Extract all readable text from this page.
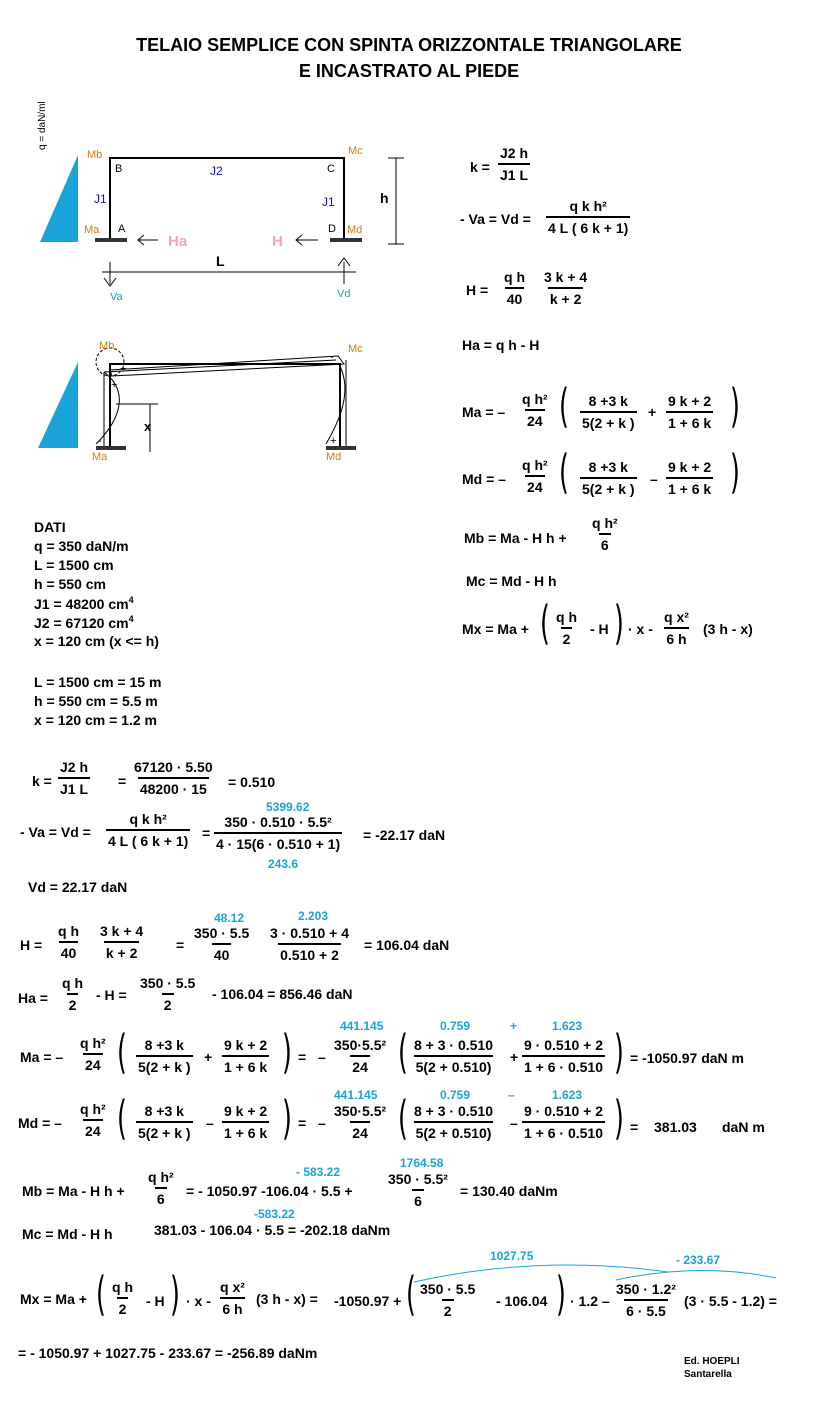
TELAIO SEMPLICE CON SPINTA ORIZZONTALE TRIANGOLARE
E INCASTRATO AL PIEDE
q = daN/ml
Mb	Mc
Ma	Md
B	C
A	D
J2
J1	J1	h
L
Ha	H
Va	Vd
Mb	Mc
Ma	Md
x
+
+
-
-
+
$k = \frac{J2 h}{J1 L}$
- $Va = Vd = \frac{\text{q k h²}}{4 L ( 6 k + 1)}$
$H = \frac{\text{q h}}{40} \frac{3 k + 4}{k + 2}$
Ha = q h - H
Ma = – $\frac{\text{q h²}}{24}$ ( $\frac{8 +3 k}{5(2 + k )} + \frac{9 k + 2}{1 + 6 k}$ )
Md = – $\frac{\text{q h²}}{24}$ ( $\frac{8 +3 k}{5(2 + k )} - \frac{9 k + 2}{1 + 6 k}$ )
Mb = Ma - H $h + \frac{\text{q h²}}{6}$
Mc = Md - H h
Mx = Ma + ( $\frac{\text{q h}}{2}$ - H ) · x - $\frac{\text{q x²}}{6 h} (3$ h - x)
DATI
q = 350 daN/m
L = 1500 cm
h = 550 cm
J1 = 48200 $cm^4$
J2 = 67120 $cm^4$
x = 120 cm (x <= h)
L = 1500 cm = 15 m
h = 550 cm = 5.5 m
x = 120 cm = 1.2 m
$k = \frac{J2 h}{J1 L} = \frac{67120 \cdot 5.50}{48200 \cdot 15} = 0.510$
- $Va = Vd = \frac{\text{q k h²}}{4 L ( 6 k + 1)}$ =
5399.62
$\frac{\text{350 · 0.510 · 5.5²}}{4 \cdot 15(6 \cdot 0.510 + 1)}$
243.6
= -22.17 daN
Vd = 22.17 daN
$H = \frac{\text{q h}}{40} \frac{3 k + 4}{k + 2}$ =
48.12	2.203
$\frac{350 \cdot 5.5}{40} \frac{3 \cdot 0.510 + 4}{0.510 + 2} = 106.04$ daN
$Ha = \frac{\text{q h}}{2} - H = \frac{350 \cdot 5.5}{2} - 106.04 = 856.46$ daN
Ma = – $\frac{\text{q h²}}{24}$ ( $\frac{8 +3 k}{5(2 + k )} + \frac{9 k + 2}{1 + 6 k}$ ) = –
441.145
$\frac{\text{350·5.5²}}{24}$ (	0.759	+	1.623
$\frac{8 + 3 \cdot 0.510}{5(2 + 0.510)} + \frac{9 \cdot 0.510 + 2}{1 + 6 \cdot 0.510}$ ) = -1050.97 daN m
Md = – $\frac{\text{q h²}}{24}$ ( $\frac{8 +3 k}{5(2 + k )} - \frac{9 k + 2}{1 + 6 k}$ ) = –
441.145
$\frac{\text{350·5.5²}}{24}$ (	0.759	–	1.623
$\frac{8 + 3 \cdot 0.510}{5(2 + 0.510)} - \frac{9 \cdot 0.510 + 2}{1 + 6 \cdot 0.510}$ ) = 381.03 daN m
Mb = Ma - H $h + \frac{\text{q h²}}{6}$ = - 1050.97 -106.04 · 5.5 +
- 583.22
1764.58
$\frac{\text{350 · 5.5²}}{6} = 130.40$ daNm
Mc = Md - H h
-583.22
381.03 - 106.04 · 5.5 = -202.18 daNm
Mx = Ma + ( $\frac{\text{q h}}{2}$ - H ) · x - $\frac{\text{q x²}}{6 h} (3$ h - x) = -1050.97 + (
1027.75
$\frac{350 \cdot 5.5}{2} - 106.04$ ) · 1.2 –
- 233.67
$\frac{\text{350 · 1.2²}}{6 \cdot 5.5} (3 \cdot 5.5 - 1.2)$ =
= - 1050.97 + 1027.75 - 233.67 = -256.89 daNm
Ed. HOEPLI
Santarella
